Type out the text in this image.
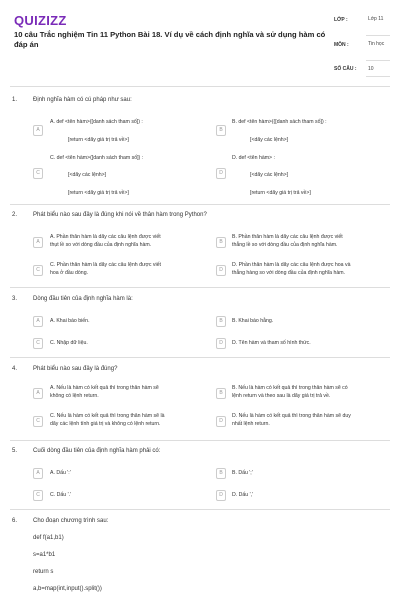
QUIZIZZ
10 câu Trắc nghiệm Tin 11 Python Bài 18. Ví dụ về cách định nghĩa và sử dụng hàm có đáp án
LỚP :	Lớp 11
MÔN :	Tin học
SỐ CÂU : 10
1.	Định nghĩa hàm có cú pháp như sau:
A
A. def <tên hàm>([danh sách tham số]) :
[return <dãy giá trị trả về>]
B
B. def <tên hàm>(([danh sách tham số]) :
[<dãy các lệnh>]
C
C. def <tên hàm>([danh sách tham số]) :
[<dãy các lệnh>]
[return <dãy giá trị trả về>]
D
D. def <tên hàm> :
[<dãy các lệnh>]
[return <dãy giá trị trả về>]
2.	Phát biểu nào sau đây là đúng khi nói về thân hàm trong Python?
A
A. Phần thân hàm là dãy các câu lệnh được viết
thụt lề so với dòng đầu của định nghĩa hàm.	B
B. Phần thân hàm là dãy các câu lệnh được viết
thẳng lề so với dòng đầu của định nghĩa hàm.
C
C. Phần thân hàm là dãy các câu lệnh được viết
hoa ở đầu dòng.	D
D. Phần thân hàm là dãy các câu lệnh được hoa và
thẳng hàng so với dòng đầu của định nghĩa hàm.
3.	Dòng đầu tiên của định nghĩa hàm là:
A	A. Khai báo biến.	B	B. Khai báo hằng.
C	C. Nhập dữ liệu.	D	D. Tên hàm và tham số hình thức.
4.	Phát biểu nào sau đây là đúng?
A
A. Nếu là hàm có kết quả thì trong thân hàm sẽ
không có lệnh return.	B
B. Nếu là hàm có kết quả thì trong thân hàm sẽ có
lệnh return và theo sau là dãy giá trị trả về.
C
C. Nếu là hàm có kết quả thì trong thân hàm sẽ là
dãy các lệnh tính giá trị và không có lệnh return.	D
D. Nếu là hàm có kết quả thì trong thân hàm sẽ duy
nhất lệnh return.
5.	Cuối dòng đầu tiên của định nghĩa hàm phải có:
A	A. Dấu ':'	B	B. Dấu ';'
C	C. Dấu '.'	D	D. Dấu ','
6.	Cho đoạn chương trình sau:
def f(a1,b1)
s=a1*b1
return s
a,b=map(int,input().split())
